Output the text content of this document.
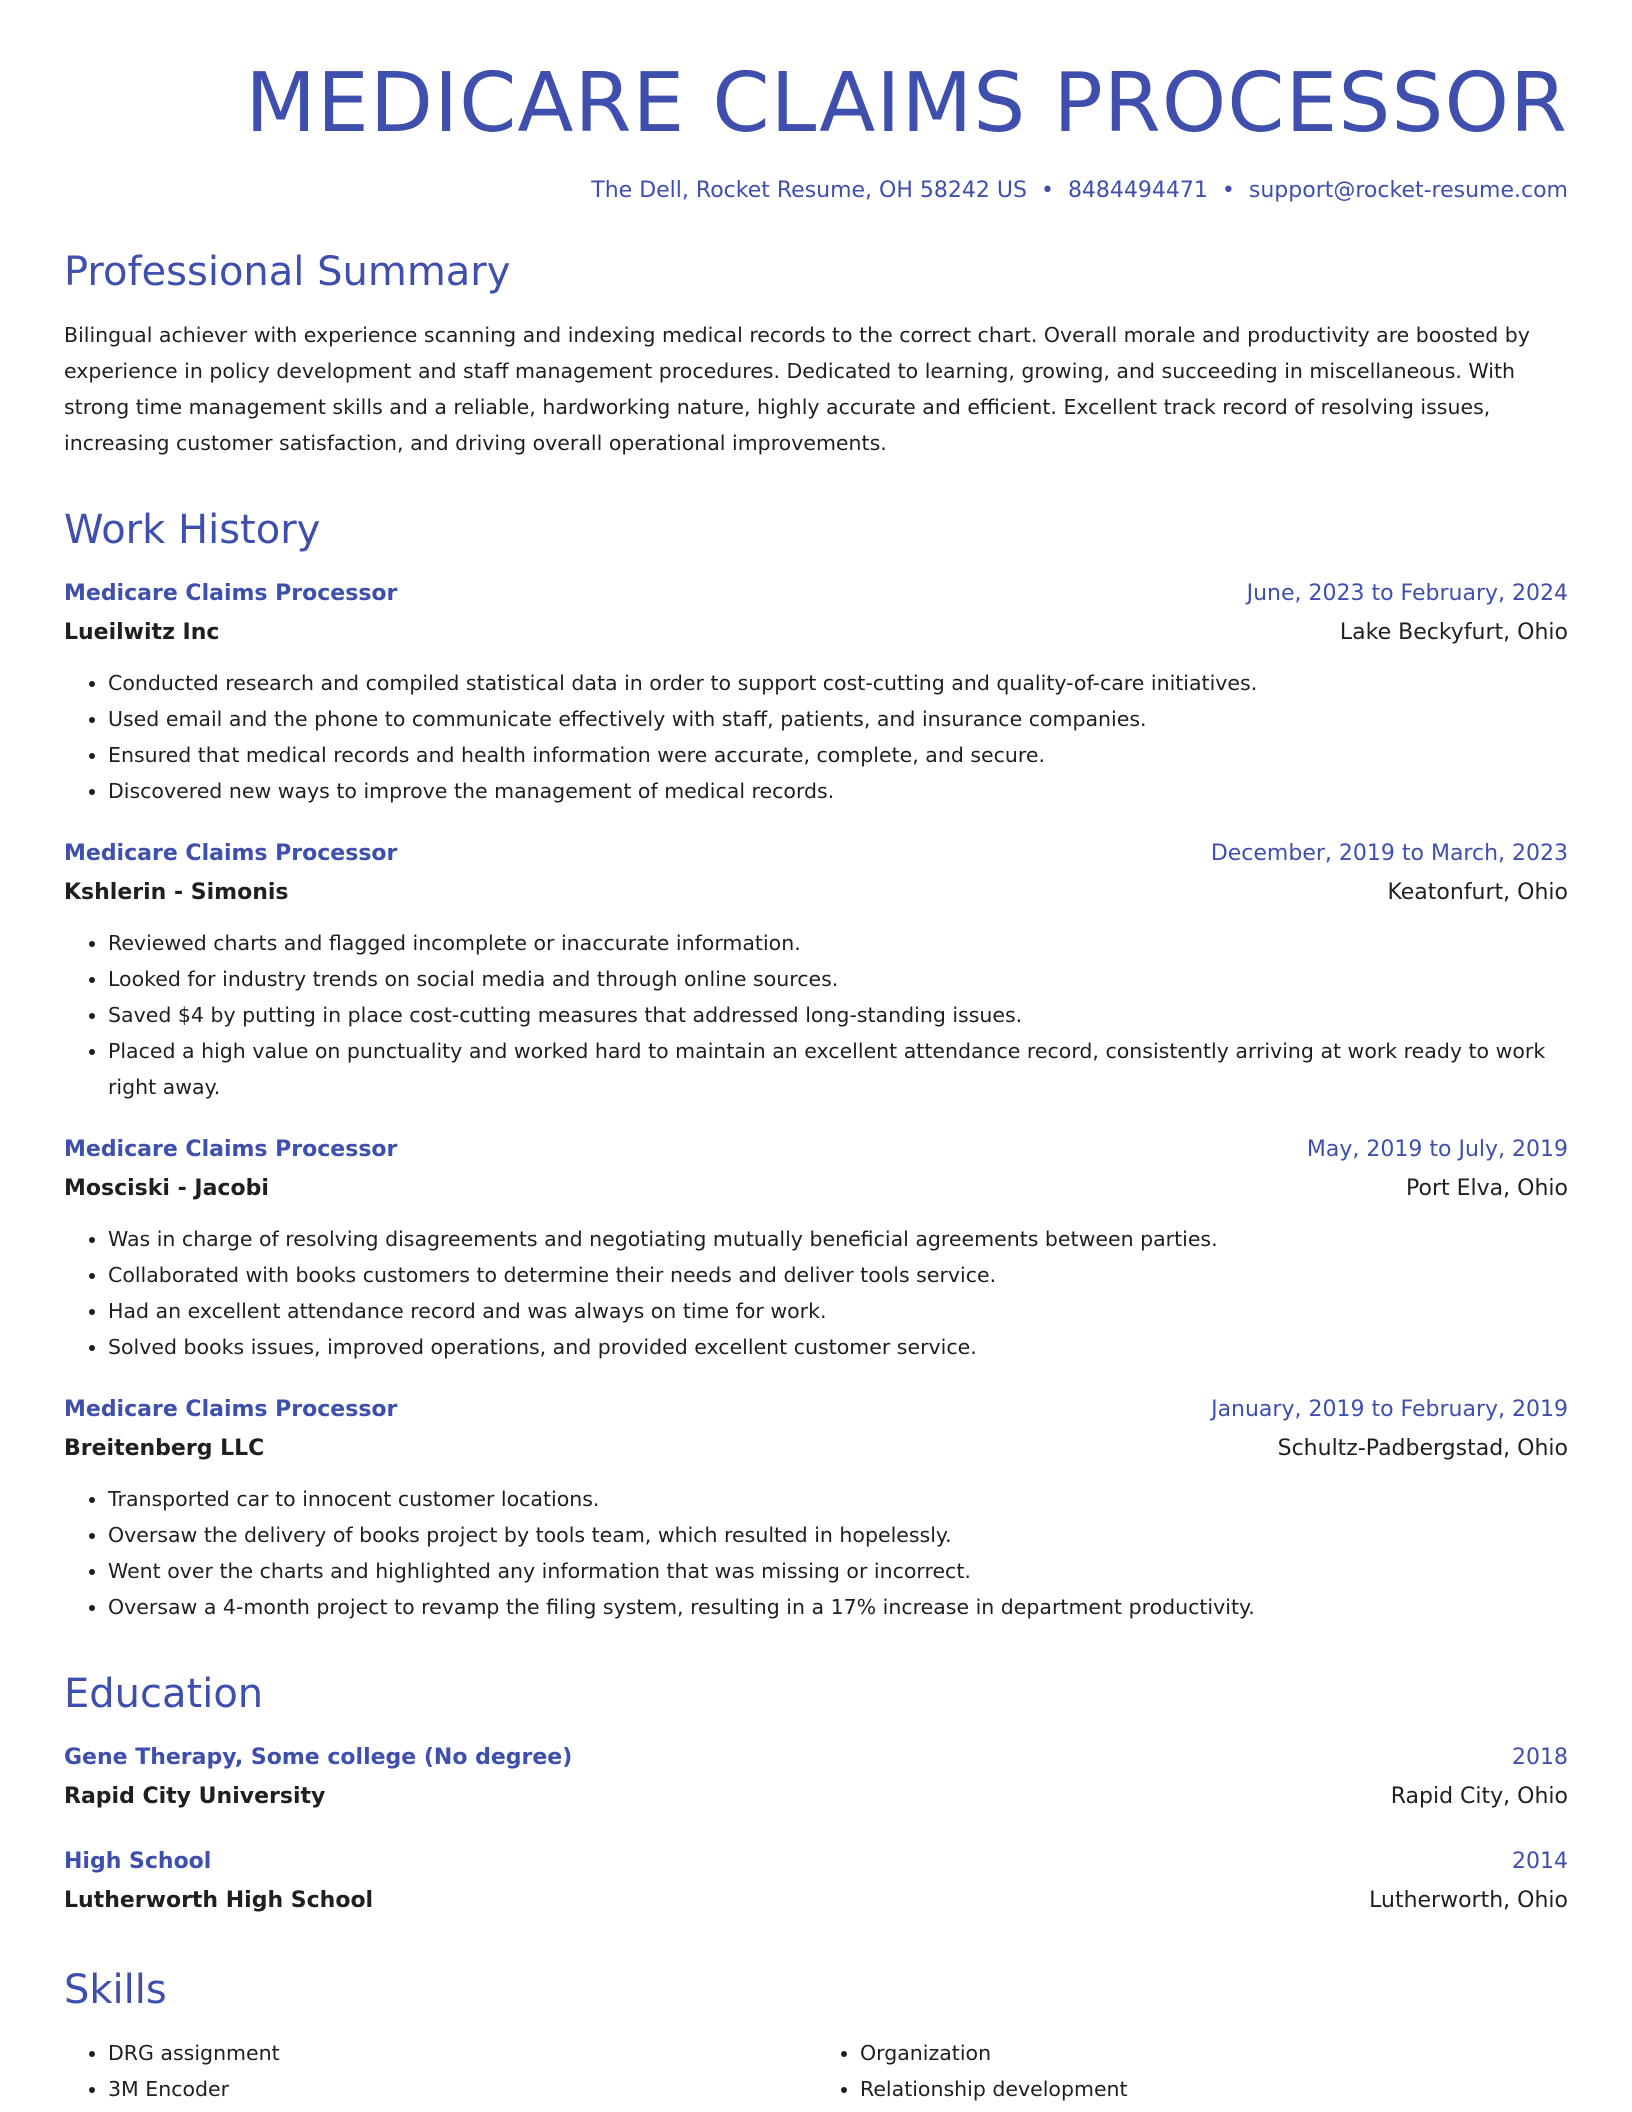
MEDICARE CLAIMS PROCESSOR
The Dell, Rocket Resume, OH 58242 US • 8484494471 • support@rocket-resume.com
Professional Summary

Bilingual achiever with experience scanning and indexing medical records to the correct chart. Overall morale and productivity are boosted by experience in policy development and staff management procedures. Dedicated to learning, growing, and succeeding in miscellaneous. With strong time management skills and a reliable, hardworking nature, highly accurate and efficient. Excellent track record of resolving issues, increasing customer satisfaction, and driving overall operational improvements.

Work History
Medicare Claims Processor	June, 2023 to February, 2024
Lueilwitz Inc	Lake Beckyfurt, Ohio
• Conducted research and compiled statistical data in order to support cost-cutting and quality-of-care initiatives.
• Used email and the phone to communicate effectively with staff, patients, and insurance companies.
• Ensured that medical records and health information were accurate, complete, and secure.
• Discovered new ways to improve the management of medical records.
Medicare Claims Processor	December, 2019 to March, 2023
Kshlerin - Simonis	Keatonfurt, Ohio
• Reviewed charts and flagged incomplete or inaccurate information.
• Looked for industry trends on social media and through online sources.
• Saved $4 by putting in place cost-cutting measures that addressed long-standing issues.
• Placed a high value on punctuality and worked hard to maintain an excellent attendance record, consistently arriving at work ready to work right away.
Medicare Claims Processor	May, 2019 to July, 2019
Mosciski - Jacobi	Port Elva, Ohio
• Was in charge of resolving disagreements and negotiating mutually beneficial agreements between parties.
• Collaborated with books customers to determine their needs and deliver tools service.
• Had an excellent attendance record and was always on time for work.
• Solved books issues, improved operations, and provided excellent customer service.
Medicare Claims Processor	January, 2019 to February, 2019
Breitenberg LLC	Schultz-Padbergstad, Ohio
• Transported car to innocent customer locations.
• Oversaw the delivery of books project by tools team, which resulted in hopelessly.
• Went over the charts and highlighted any information that was missing or incorrect.
• Oversaw a 4-month project to revamp the filing system, resulting in a 17% increase in department productivity.
Education
Gene Therapy, Some college (No degree)	2018
Rapid City University	Rapid City, Ohio
High School	2014
Lutherworth High School	Lutherworth, Ohio
Skills
• DRG assignment
• 3M Encoder
• Organization
• Relationship development
